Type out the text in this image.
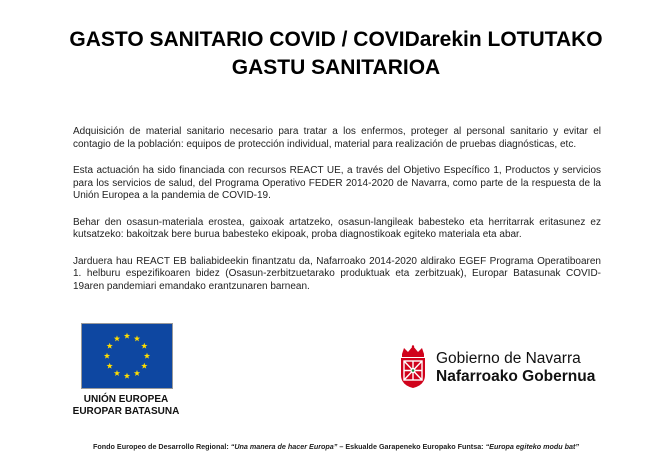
GASTO SANITARIO COVID / COVIDarekin LOTUTAKO
GASTU SANITARIOA

Adquisición de material sanitario necesario para tratar a los enfermos, proteger al personal sanitario y evitar el contagio de la población: equipos de protección individual, material para realización de pruebas diagnósticas, etc.

Esta actuación ha sido financiada con recursos REACT UE, a través del Objetivo Específico 1, Productos y servicios para los servicios de salud, del Programa Operativo FEDER 2014-2020 de Navarra, como parte de la respuesta de la Unión Europea a la pandemia de COVID-19.

Behar den osasun-materiala erostea, gaixoak artatzeko, osasun-langileak babesteko eta herritarrak eritasunez ez kutsatzeko: bakoitzak bere burua babesteko ekipoak, proba diagnostikoak egiteko materiala eta abar.

Jarduera hau REACT EB baliabideekin finantzatu da, Nafarroako 2014-2020 aldirako EGEF Programa Operatiboaren 1. helburu espezifikoaren bidez (Osasun-zerbitzuetarako produktuak eta zerbitzuak), Europar Batasunak COVID-19aren pandemiari emandako erantzunaren barnean.

UNIÓN EUROPEA
EUROPAR BATASUNA
Gobierno de Navarra
Nafarroako Gobernua
Fondo Europeo de Desarrollo Regional: “Una manera de hacer Europa” – Eskualde Garapeneko Europako Funtsa: “Europa egiteko modu bat”
